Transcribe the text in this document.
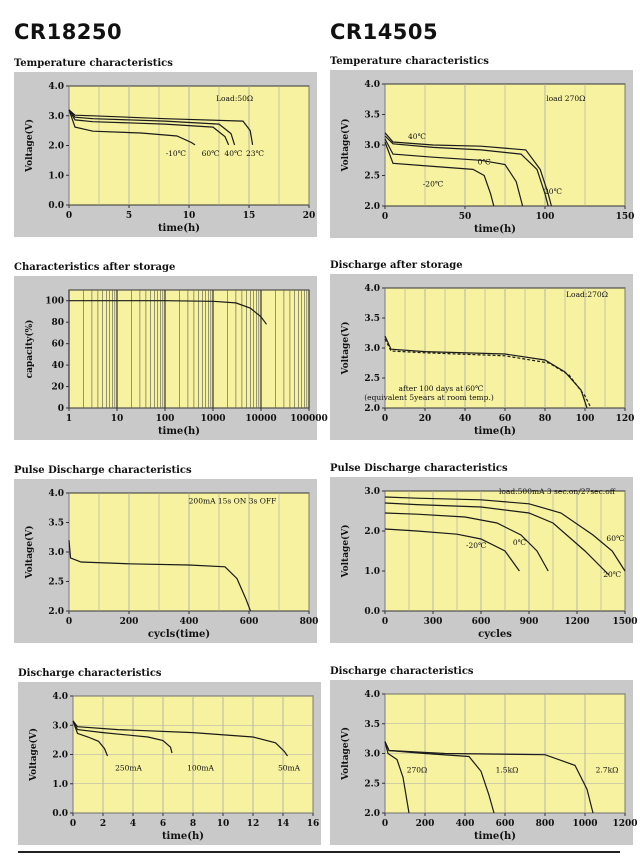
CR18250	CR14505
Temperature characteristics	Temperature characteristics
Characteristics after storage	Discharge after storage
Pulse Discharge characteristics	Pulse Discharge characteristics
Discharge characteristics	Discharge characteristics
0	5	10	15	20
0.0
1.0
2.0
3.0
4.0
time(h)
Voltage(V)	-10℃ 60℃ 40℃ 23℃
Load:50Ω
0	50	100	150
2.0
2.5
3.0
3.5
4.0
time(h)
Voltage(V)	40℃
0℃
-20℃
20℃
load 270Ω
1	10	100	1000 10000 100000
0
20
40
60
80
100
time(h)
capacity(%)
0	20	40	60	80	100 120
2.0
2.5
3.0
3.5
4.0
time(h)
Voltage(V)
Load:270Ω
after 100 days at 60℃
(equivalent 5years at room temp.)
0	200	400	600	800
2.0
2.5
3.0
3.5
4.0
cycls(time)
Voltage(V)
200mA 15s ON 3s OFF
0	300	600	900	1200	1500
0.0
1.0
2.0
3.0
cycles
Voltage(V)	60℃
20℃
0℃
-20℃
load:500mA 3 sec.on/27sec.off
0	2	4	6	8 10 12 14 16
0.0
1.0
2.0
3.0
4.0
time(h)
Voltage(V)	250mA	100mA	50mA
0	200 400 600 800 1000 1200
2.0
2.5
3.0
3.5
4.0
time(h)
Voltage(V)	270Ω	1.5kΩ	2.7kΩ
